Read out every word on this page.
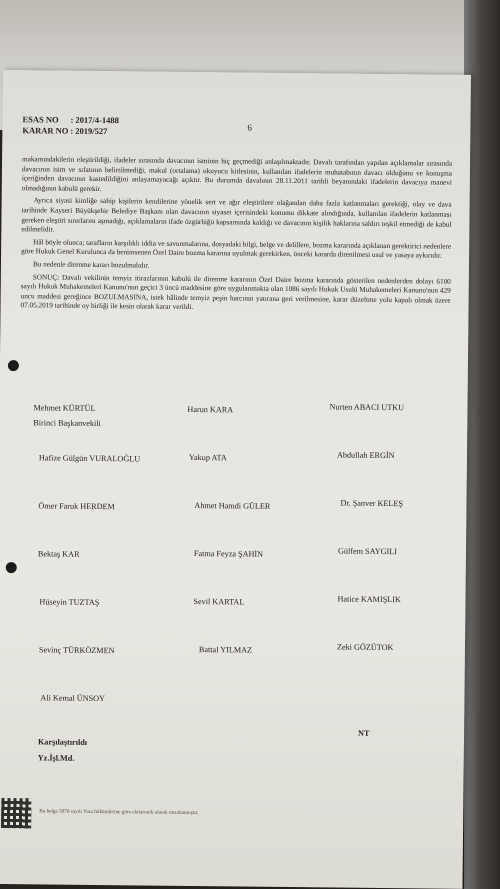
ESAS NO : 2017/4-1488
KARAR NO : 2019/527	6

makamındakilerin eleştirildiği, ifadeler sırasında davacının isminin hiç geçmediği anlaşılmaktadır. Davalı tarafından yapılan açıklamalar sırasında davacının isim ve sıfatının belirtilmediği, makul (ortalama) okuyucu kitlesinin, kullanılan ifadelerin muhatabının davacı olduğunu ve konuşma içeriğinden davacının kastedildiğini anlayamayacağı açıktır. Bu durumda davalının 28.11.2011 tarihli beyanındaki ifadelerin davacıya manevi olmadığının kabulü gerekir.

Ayrıca siyasi kimliğe sahip kişilerin kendilerine yönelik sert ve ağır eleştirilere olağandan daha fazla katlanmaları gerektiği, olay ve dava tarihinde Kayseri Büyükşehir Belediye Başkanı olan davacının siyaset içerisindeki konumu dikkate alındığında, kullanılan ifadelerin katlanması gereken eleştiri sınırlarını aşmadığı, açıklamaların ifade özgürlüğü kapsamında kaldığı ve davacının kişilik haklarına saldırı teşkil etmediği de kabul edilmelidir.

Hâl böyle olunca; tarafların karşılıklı iddia ve savunmalarına, dosyadaki bilgi, belge ve delillere, bozma kararında açıklanan gerektirici nedenlere göre Hukuk Genel Kurulunca da benimsenen Özel Daire bozma kararına uyulmak gerekirken, önceki kararda direnilmesi usul ve yasaya aykırıdır.

Bu nedenle direnme kararı bozulmalıdır.

SONUÇ: Davalı vekilinin temyiz itirazlarının kabulü ile direnme kararının Özel Daire bozma kararında gösterilen nedenlerden dolayı 6100 sayılı Hukuk Muhakemeleri Kanunu'nun geçici 3 üncü maddesine göre uygulanmakta olan 1086 sayılı Hukuk Usulü Muhakemeleri Kanunu'nun 429 uncu maddesi gereğince BOZULMASINA, istek hâlinde temyiz peşin harcının yatırana geri verilmesine, karar düzeltme yolu kapalı olmak üzere 07.05.2019 tarihinde oy birliği ile kesin olarak karar verildi.

Mehmet KÜRTÜL
Birinci Başkanvekili
Harun KARA	Nurten ABACI UTKU
Hafize Gülgün VURALOĞLU	Yakup ATA	Abdullah ERGİN
Ömer Faruk HERDEM	Ahmet Hamdi GÜLER	Dr. Şanver KELEŞ
Bektaş KAR	Fatma Feyza ŞAHİN	Gülfem SAYGILI
Hüseyin TUZTAŞ	Sevil KARTAL	Hatice KAMIŞLIK
Sevinç TÜRKÖZMEN	Battal YILMAZ	Zeki GÖZÜTOK
Ali Kemal ÜNSOY
Karşılaştırıldı
Yz.İşl.Md.
NT
Bu belge 5070 sayılı Yasa hükümlerine göre elektronik olarak imzalanmıştır.
